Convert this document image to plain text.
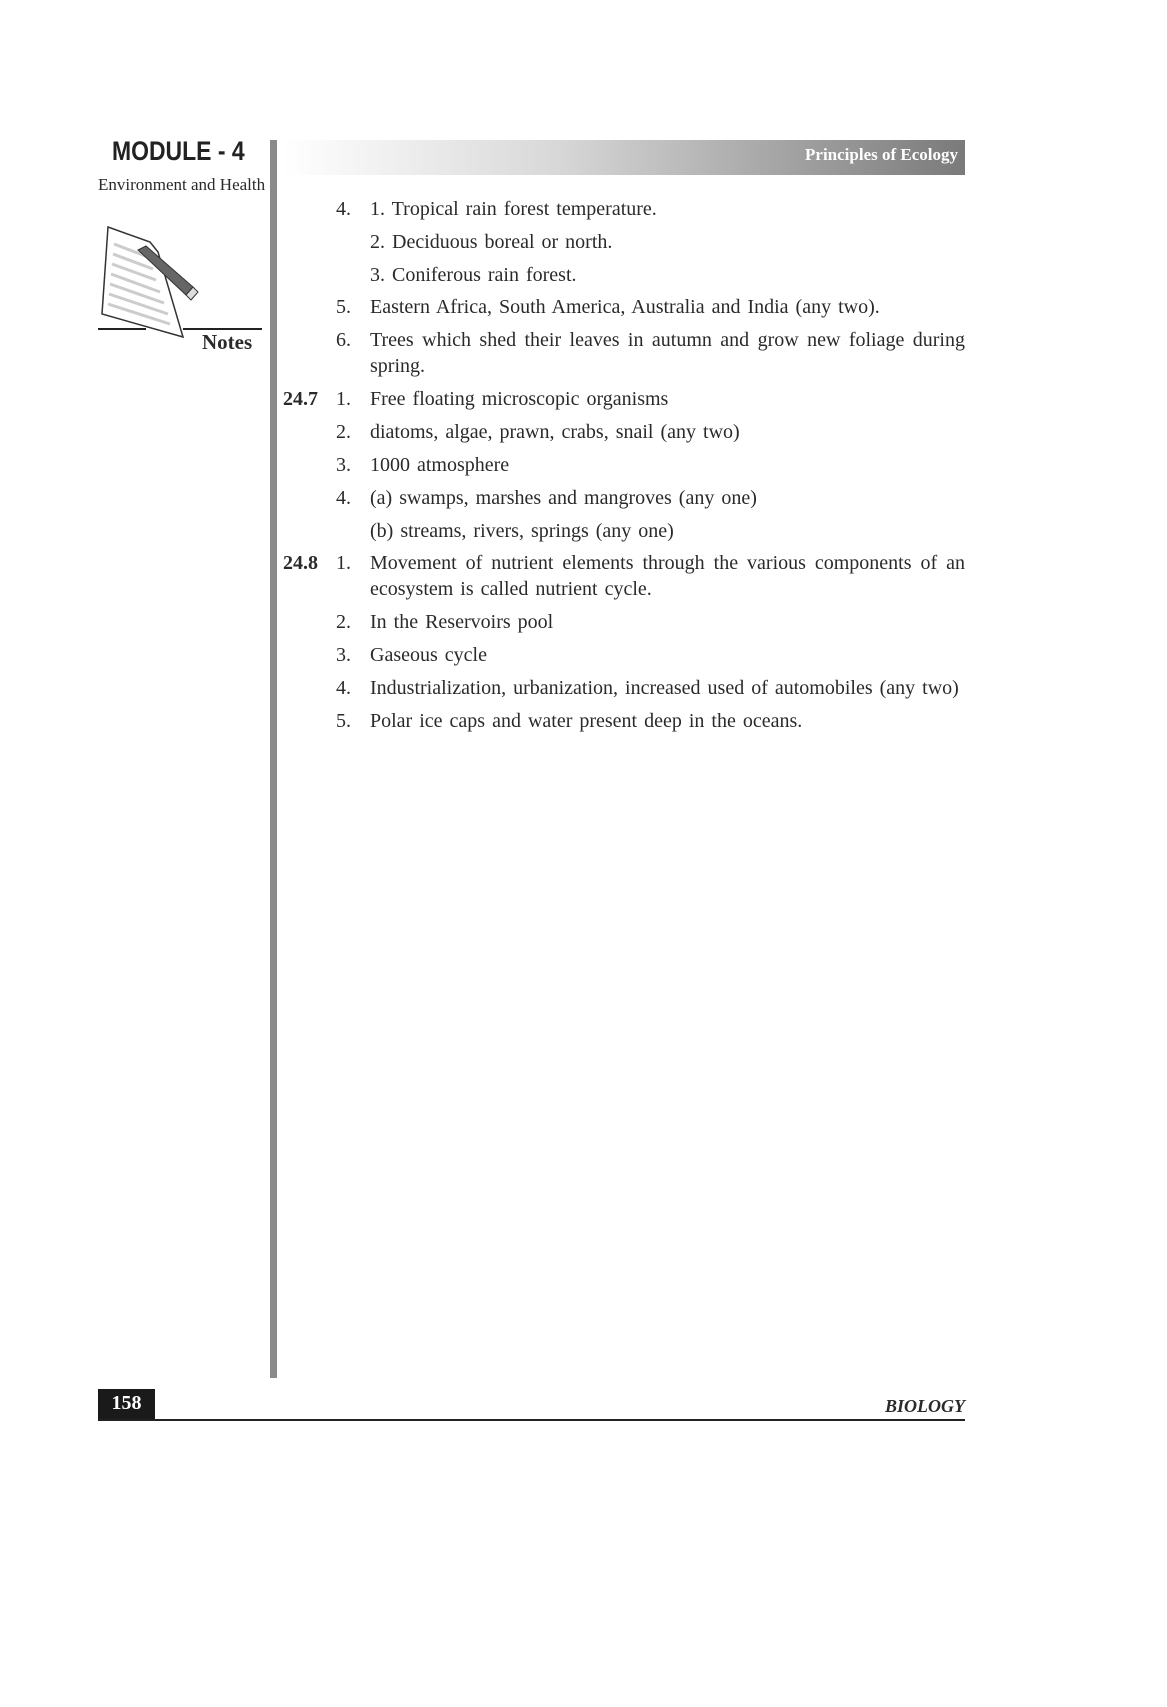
MODULE - 4
Environment and Health
Notes
Principles of Ecology
4. 1. Tropical rain forest temperature.
2. Deciduous boreal or north.
3. Coniferous rain forest.
5. Eastern Africa, South America, Australia and India (any two).
6. Trees which shed their leaves in autumn and grow new foliage during spring.
24.7 1. Free floating microscopic organisms
2. diatoms, algae, prawn, crabs, snail (any two)
3. 1000 atmosphere
4. (a) swamps, marshes and mangroves (any one)
(b) streams, rivers, springs (any one)
24.8 1. Movement of nutrient elements through the various components of an ecosystem is called nutrient cycle.
2. In the Reservoirs pool
3. Gaseous cycle
4. Industrialization, urbanization, increased used of automobiles (any two)
5. Polar ice caps and water present deep in the oceans.
158	BIOLOGY
